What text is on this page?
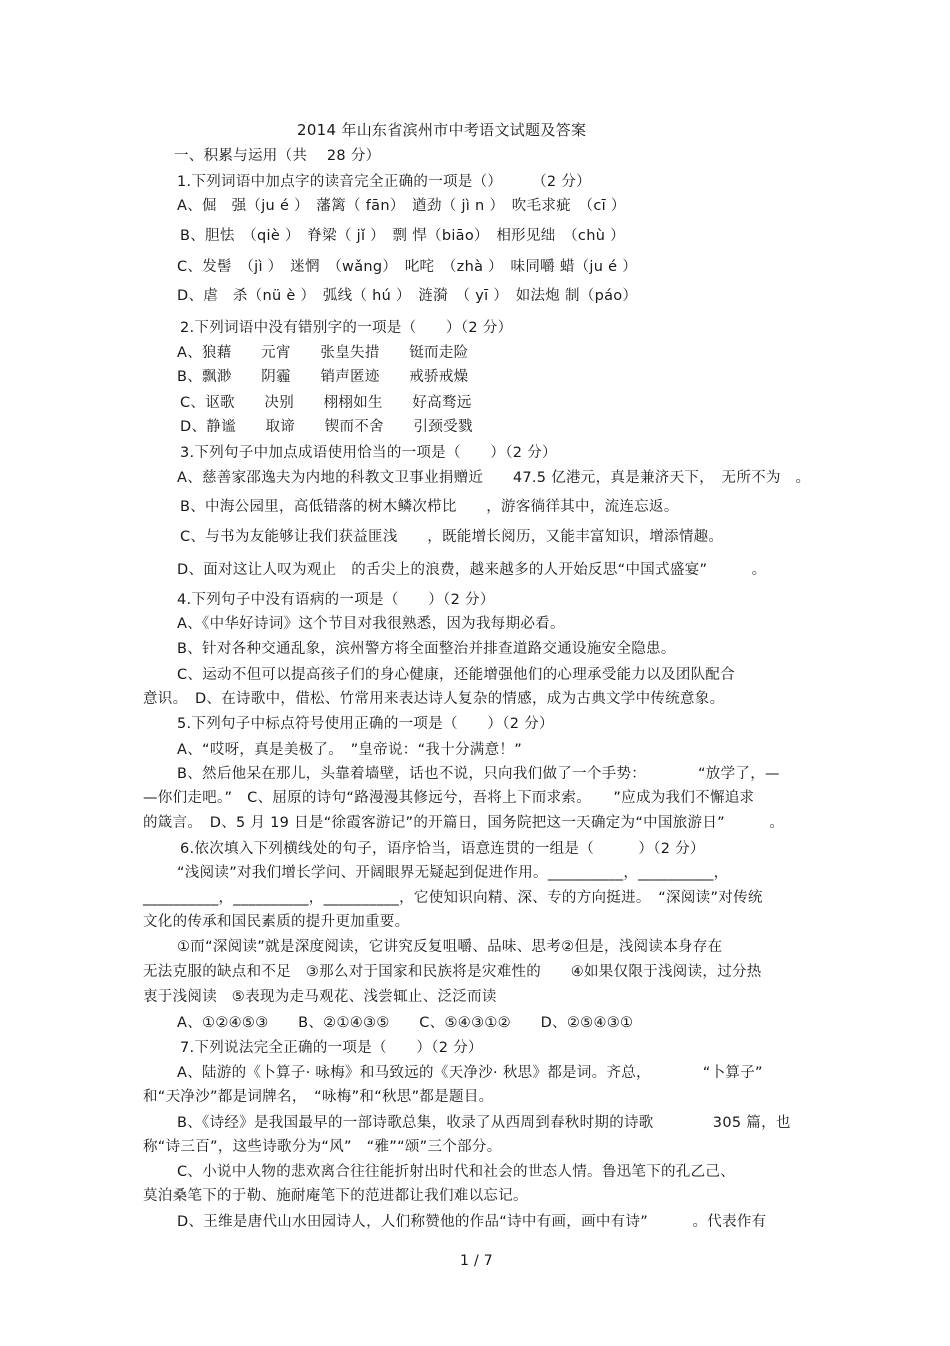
2014 年山东省滨州市中考语文试题及答案
一、积累与运用（共　 28 分）
1.下列词语中加点字的读音完全正确的一项是（）　　　（2 分）
A、倔　强（ju é ）　藩篱（ fān）　遒劲（ jì n ）　吹毛求疵　（cī ）
B、胆怯　（qiè ）　脊梁（ jǐ ）　剽 悍（biāo）　相形见绌　（chù ）
C、发髻　（jì ）　迷惘　（wǎng）　叱咤　（zhà ）　味同嚼 蜡（ju é ）
D、虐　杀（nü è ）　弧线（ hú ）　涟漪　（ yī ）　如法炮 制（páo）
2.下列词语中没有错别字的一项是（　　）（2 分）
A、狼藉　　元宵　　张皇失措　　铤而走险
B、飘渺　　阴霾　　销声匿迹　　戒骄戒燥
C、讴歌　　决别　　栩栩如生　　好高骛远
D、静谧　　取谛　　锲而不舍　　引颈受戮
3.下列句子中加点成语使用恰当的一项是（　　）（2 分）
A、慈善家邵逸夫为内地的科教文卫事业捐赠近　　47.5 亿港元，真是兼济天下，　无所不为　。
B、中海公园里，高低错落的树木鳞次栉比　　，游客徜徉其中，流连忘返。
C、与书为友能够让我们获益匪浅　　，既能增长阅历，又能丰富知识，增添情趣。
D、面对这让人叹为观止　的舌尖上的浪费，越来越多的人开始反思“中国式盛宴”　　　。
4.下列句子中没有语病的一项是（　　）（2 分）
A、《中华好诗词》这个节目对我很熟悉，因为我每期必看。
B、针对各种交通乱象，滨州警方将全面整治并排查道路交通设施安全隐患。
C、运动不但可以提高孩子们的身心健康，还能增强他们的心理承受能力以及团队配合
意识。　D、在诗歌中，借松、竹常用来表达诗人复杂的情感，成为古典文学中传统意象。
5.下列句子中标点符号使用正确的一项是（　　）（2 分）
A、“哎呀，真是美极了。　”皇帝说：“我十分满意！”
B、然后他呆在那儿，头靠着墙壁，话也不说，只向我们做了一个手势：　　　　“放学了，—
—你们走吧。”　C、屈原的诗句“路漫漫其修远兮，吾将上下而求索。　　”应成为我们不懈追求
的箴言。　D、5 月 19 日是“徐霞客游记”的开篇日，国务院把这一天确定为“中国旅游日”　　　。
6.依次填入下列横线处的句子，语序恰当，语意连贯的一组是（　　　）（2 分）
“浅阅读”对我们增长学问、开阔眼界无疑起到促进作用。__________，__________，
__________，__________，__________，它使知识向精、深、专的方向挺进。　“深阅读”对传统
文化的传承和国民素质的提升更加重要。
①而“深阅读”就是深度阅读，它讲究反复咀嚼、品味、思考②但是，浅阅读本身存在
无法克服的缺点和不足　③那么对于国家和民族将是灾难性的　　④如果仅限于浅阅读，过分热
衷于浅阅读　⑤表现为走马观花、浅尝辄止、泛泛而读
A、①②④⑤③　　B、②①④③⑤　　C、⑤④③①②　　D、②⑤④③①
7.下列说法完全正确的一项是（　　）（2 分）
A、陆游的《卜算子· 咏梅》和马致远的《天净沙· 秋思》都是词。齐总，　　　　“卜算子”
和“天净沙”都是词牌名，　“咏梅”和“秋思”都是题目。
B、《诗经》是我国最早的一部诗歌总集，收录了从西周到春秋时期的诗歌　　　　305 篇，也
称“诗三百”，这些诗歌分为“风”　“雅”“颂”三个部分。
C、小说中人物的悲欢离合往往能折射出时代和社会的世态人情。鲁迅笔下的孔乙己、
莫泊桑笔下的于勒、施耐庵笔下的范进都让我们难以忘记。
D、王维是唐代山水田园诗人，人们称赞他的作品“诗中有画，画中有诗”　　　。代表作有
1 / 7
